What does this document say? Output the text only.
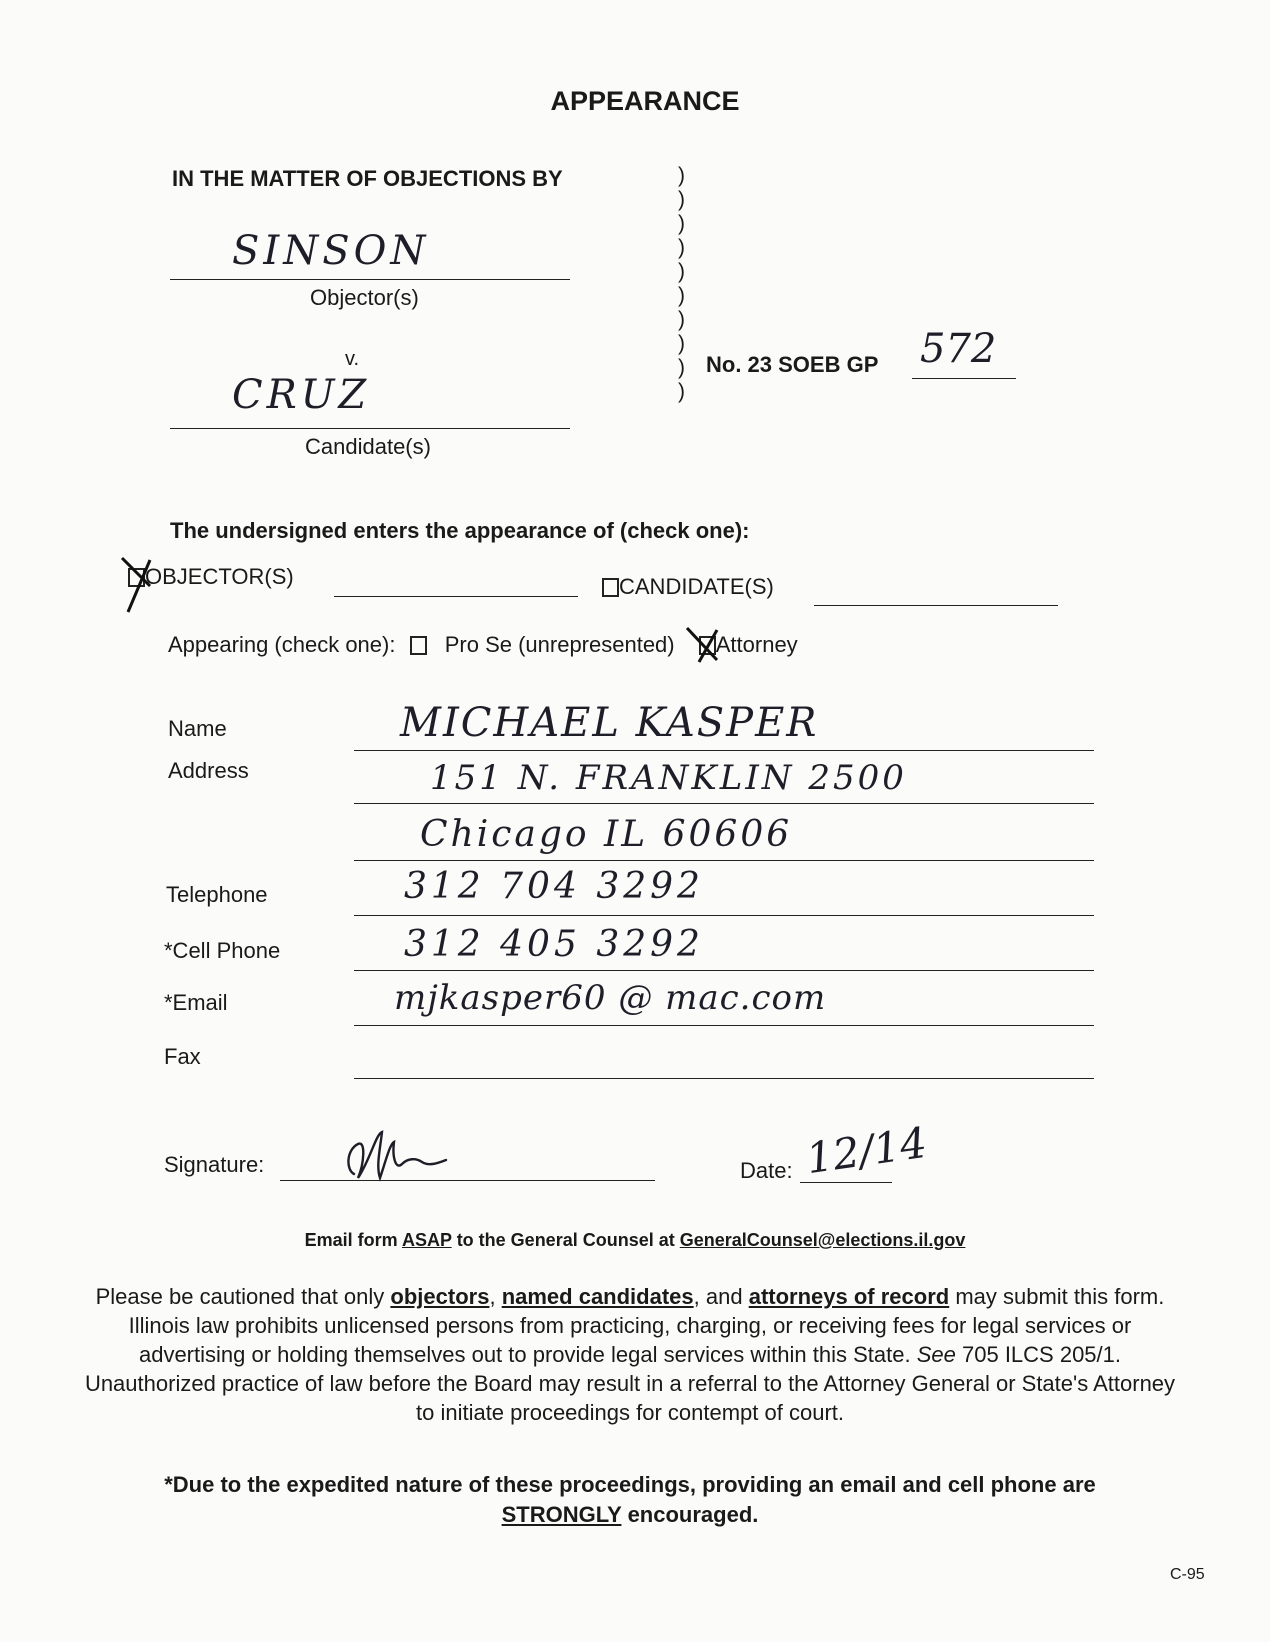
APPEARANCE
IN THE MATTER OF OBJECTIONS BY
SINSON
Objector(s)
v.
CRUZ
Candidate(s)
)
)
)
)
)
)
)
)
)
)
No. 23 SOEB GP 572
The undersigned enters the appearance of (check one):
OBJECTOR(S)	CANDIDATE(S)
Appearing (check one): Pro Se (unrepresented) Attorney
Name	MICHAEL KASPER
Address	151 N. FRANKLIN 2500
Chicago IL 60606
Telephone	312 704 3292
*Cell Phone	312 405 3292
*Email	mjkasper60 @ mac.com
Fax
Signature:	Date: 12/14
Email form ASAP to the General Counsel at GeneralCounsel@elections.il.gov
Please be cautioned that only objectors, named candidates, and attorneys of record may submit this form. Illinois law prohibits unlicensed persons from practicing, charging, or receiving fees for legal services or advertising or holding themselves out to provide legal services within this State. See 705 ILCS 205/1. Unauthorized practice of law before the Board may result in a referral to the Attorney General or State's Attorney to initiate proceedings for contempt of court.
*Due to the expedited nature of these proceedings, providing an email and cell phone are STRONGLY encouraged.
C-95
